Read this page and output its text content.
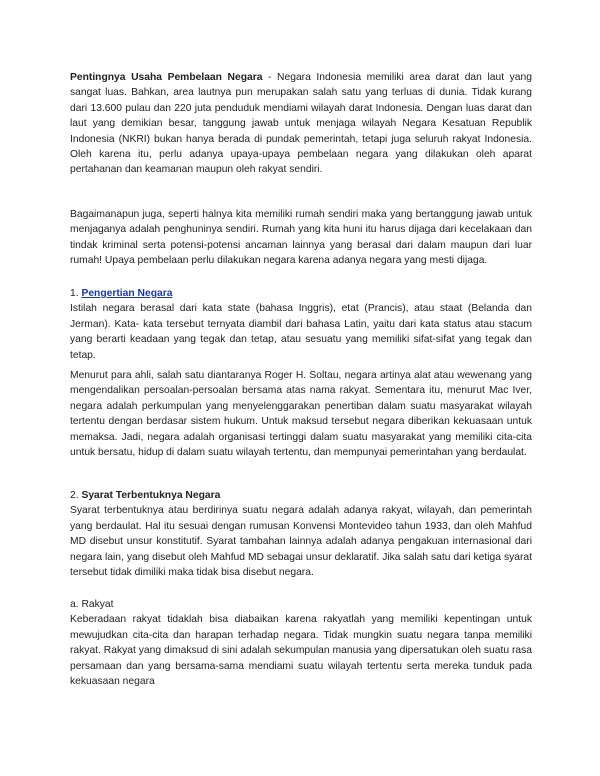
Pentingnya Usaha Pembelaan Negara - Negara Indonesia memiliki area darat dan laut yang sangat luas. Bahkan, area lautnya pun merupakan salah satu yang terluas di dunia. Tidak kurang dari 13.600 pulau dan 220 juta penduduk mendiami wilayah darat Indonesia. Dengan luas darat dan laut yang demikian besar, tanggung jawab untuk menjaga wilayah Negara Kesatuan Republik Indonesia (NKRI) bukan hanya berada di pundak pemerintah, tetapi juga seluruh rakyat Indonesia. Oleh karena itu, perlu adanya upaya-upaya pembelaan negara yang dilakukan oleh aparat pertahanan dan keamanan maupun oleh rakyat sendiri.

Bagaimanapun juga, seperti halnya kita memiliki rumah sendiri maka yang bertanggung jawab untuk menjaganya adalah penghuninya sendiri. Rumah yang kita huni itu harus dijaga dari kecelakaan dan tindak kriminal serta potensi-potensi ancaman lainnya yang berasal dari dalam maupun dari luar rumah! Upaya pembelaan perlu dilakukan negara karena adanya negara yang mesti dijaga.

1. Pengertian Negara

Istilah negara berasal dari kata state (bahasa Inggris), etat (Prancis), atau staat (Belanda dan Jerman). Kata- kata tersebut ternyata diambil dari bahasa Latin, yaitu dari kata status atau stacum yang berarti keadaan yang tegak dan tetap, atau sesuatu yang memiliki sifat-sifat yang tegak dan tetap.

Menurut para ahli, salah satu diantaranya Roger H. Soltau, negara artinya alat atau wewenang yang mengendalikan persoalan-persoalan bersama atas nama rakyat. Sementara itu, menurut Mac Iver, negara adalah perkumpulan yang menyelenggarakan penertiban dalam suatu masyarakat wilayah tertentu dengan berdasar sistem hukum. Untuk maksud tersebut negara diberikan kekuasaan untuk memaksa. Jadi, negara adalah organisasi tertinggi dalam suatu masyarakat yang memiliki cita-cita untuk bersatu, hidup di dalam suatu wilayah tertentu, dan mempunyai pemerintahan yang berdaulat.

2. Syarat Terbentuknya Negara

Syarat terbentuknya atau berdirinya suatu negara adalah adanya rakyat, wilayah, dan pemerintah yang berdaulat. Hal itu sesuai dengan rumusan Konvensi Montevideo tahun 1933, dan oleh Mahfud MD disebut unsur konstitutif. Syarat tambahan lainnya adalah adanya pengakuan internasional dari negara lain, yang disebut oleh Mahfud MD sebagai unsur deklaratif. Jika salah satu dari ketiga syarat tersebut tidak dimiliki maka tidak bisa disebut negara.

a. Rakyat

Keberadaan rakyat tidaklah bisa diabaikan karena rakyatlah yang memiliki kepentingan untuk mewujudkan cita-cita dan harapan terhadap negara. Tidak mungkin suatu negara tanpa memiliki rakyat. Rakyat yang dimaksud di sini adalah sekumpulan manusia yang dipersatukan oleh suatu rasa persamaan dan yang bersama-sama mendiami suatu wilayah tertentu serta mereka tunduk pada kekuasaan negara
